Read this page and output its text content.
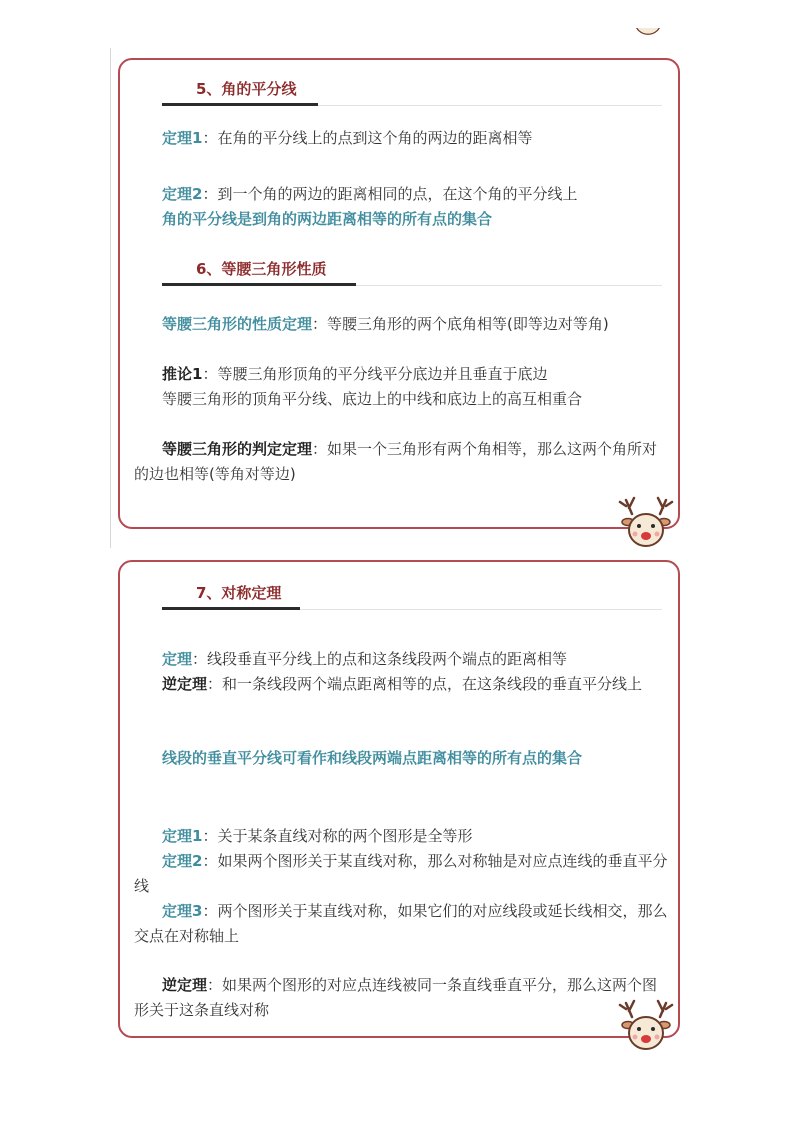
5、角的平分线

定理1：在角的平分线上的点到这个角的两边的距离相等

定理2：到一个角的两边的距离相同的点，在这个角的平分线上

角的平分线是到角的两边距离相等的所有点的集合

6、等腰三角形性质

等腰三角形的性质定理：等腰三角形的两个底角相等(即等边对等角)

推论1：等腰三角形顶角的平分线平分底边并且垂直于底边

等腰三角形的顶角平分线、底边上的中线和底边上的高互相重合

等腰三角形的判定定理：如果一个三角形有两个角相等，那么这两个角所对的边也相等(等角对等边)

7、对称定理

定理：线段垂直平分线上的点和这条线段两个端点的距离相等

逆定理：和一条线段两个端点距离相等的点，在这条线段的垂直平分线上

线段的垂直平分线可看作和线段两端点距离相等的所有点的集合

定理1：关于某条直线对称的两个图形是全等形

定理2：如果两个图形关于某直线对称，那么对称轴是对应点连线的垂直平分线

定理3：两个图形关于某直线对称，如果它们的对应线段或延长线相交，那么交点在对称轴上

逆定理：如果两个图形的对应点连线被同一条直线垂直平分，那么这两个图形关于这条直线对称
